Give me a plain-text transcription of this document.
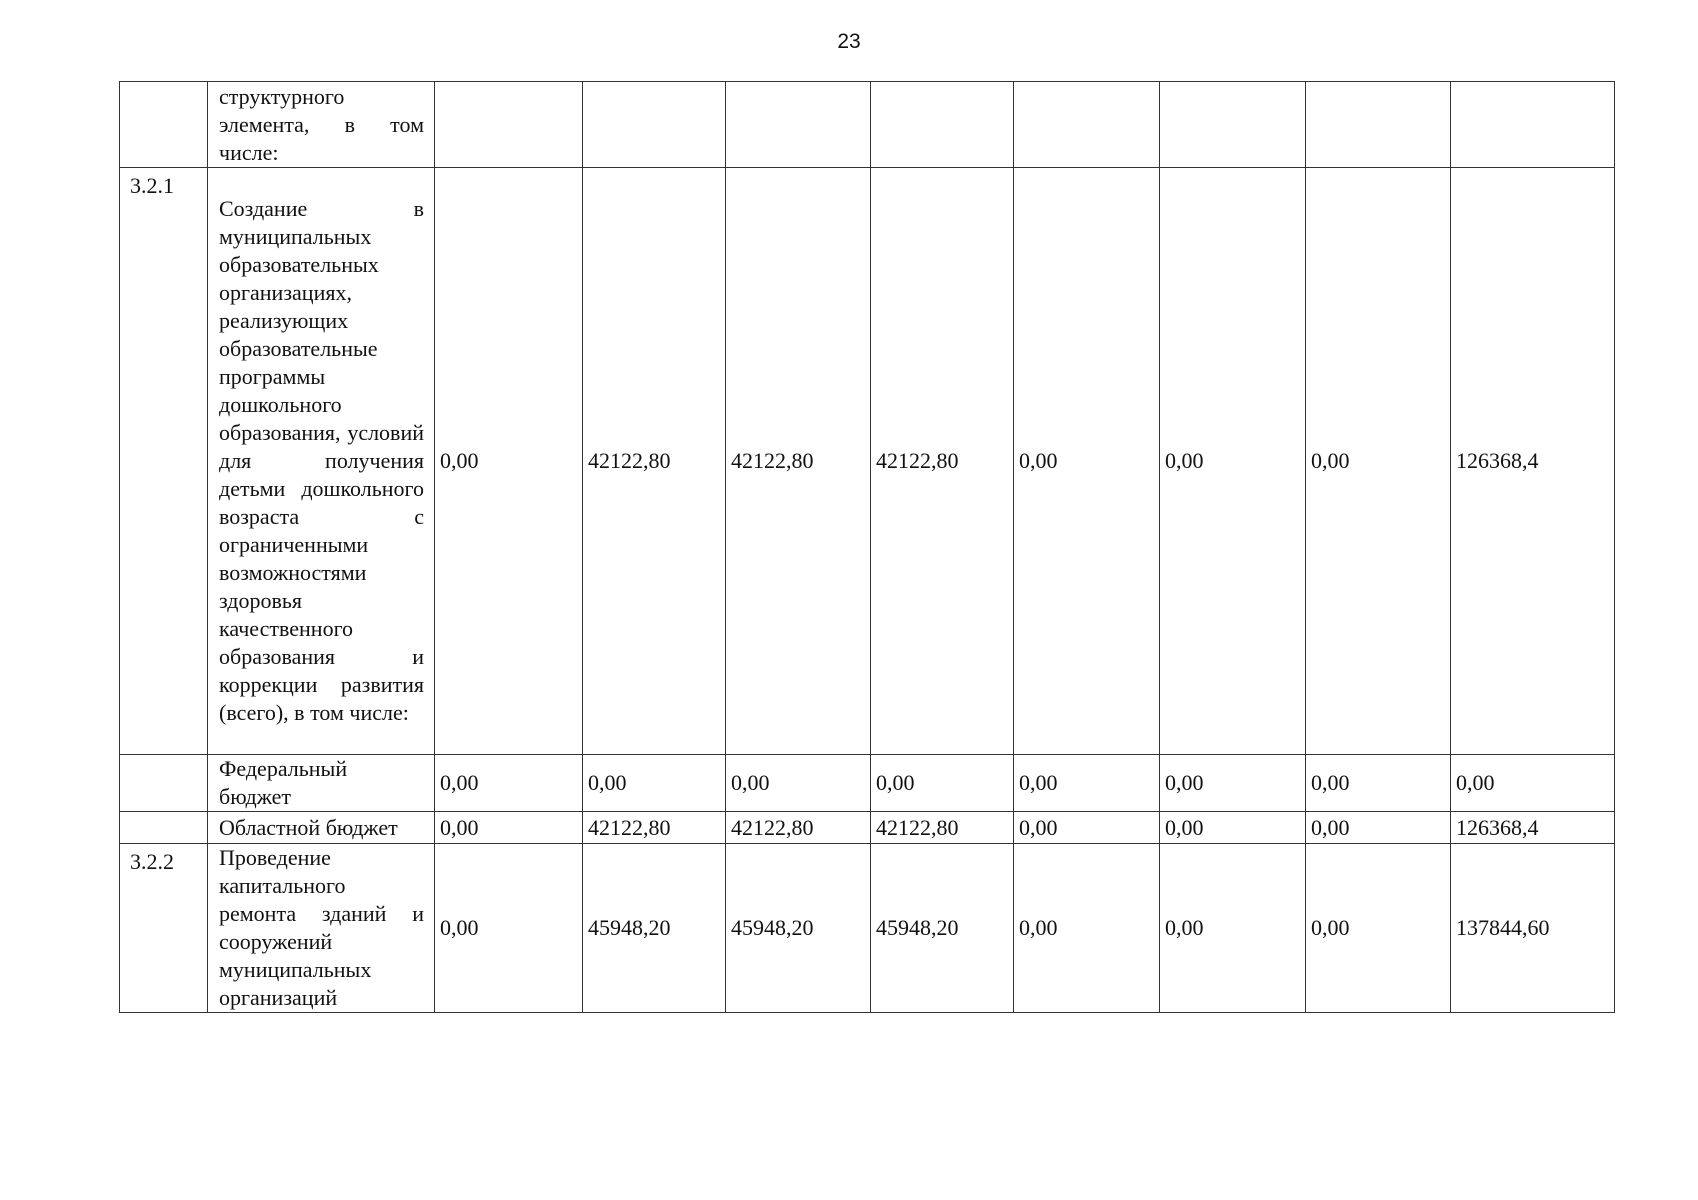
23
	структурного элемента, в том числе:								
3.2.1	Создание в муниципальных образовательных организациях, реализующих образовательные программы дошкольного образования, условий для получения детьми дошкольного возраста с ограниченными возможностями здоровья качественного образования и коррекции развития (всего), в том числе:	0,00	42122,80	42122,80	42122,80	0,00	0,00	0,00	126368,4
	Федеральный бюджет	0,00	0,00	0,00	0,00	0,00	0,00	0,00	0,00
	Областной бюджет	0,00	42122,80	42122,80	42122,80	0,00	0,00	0,00	126368,4
3.2.2	Проведение капитального ремонта зданий и сооружений муниципальных организаций	0,00	45948,20	45948,20	45948,20	0,00	0,00	0,00	137844,60
